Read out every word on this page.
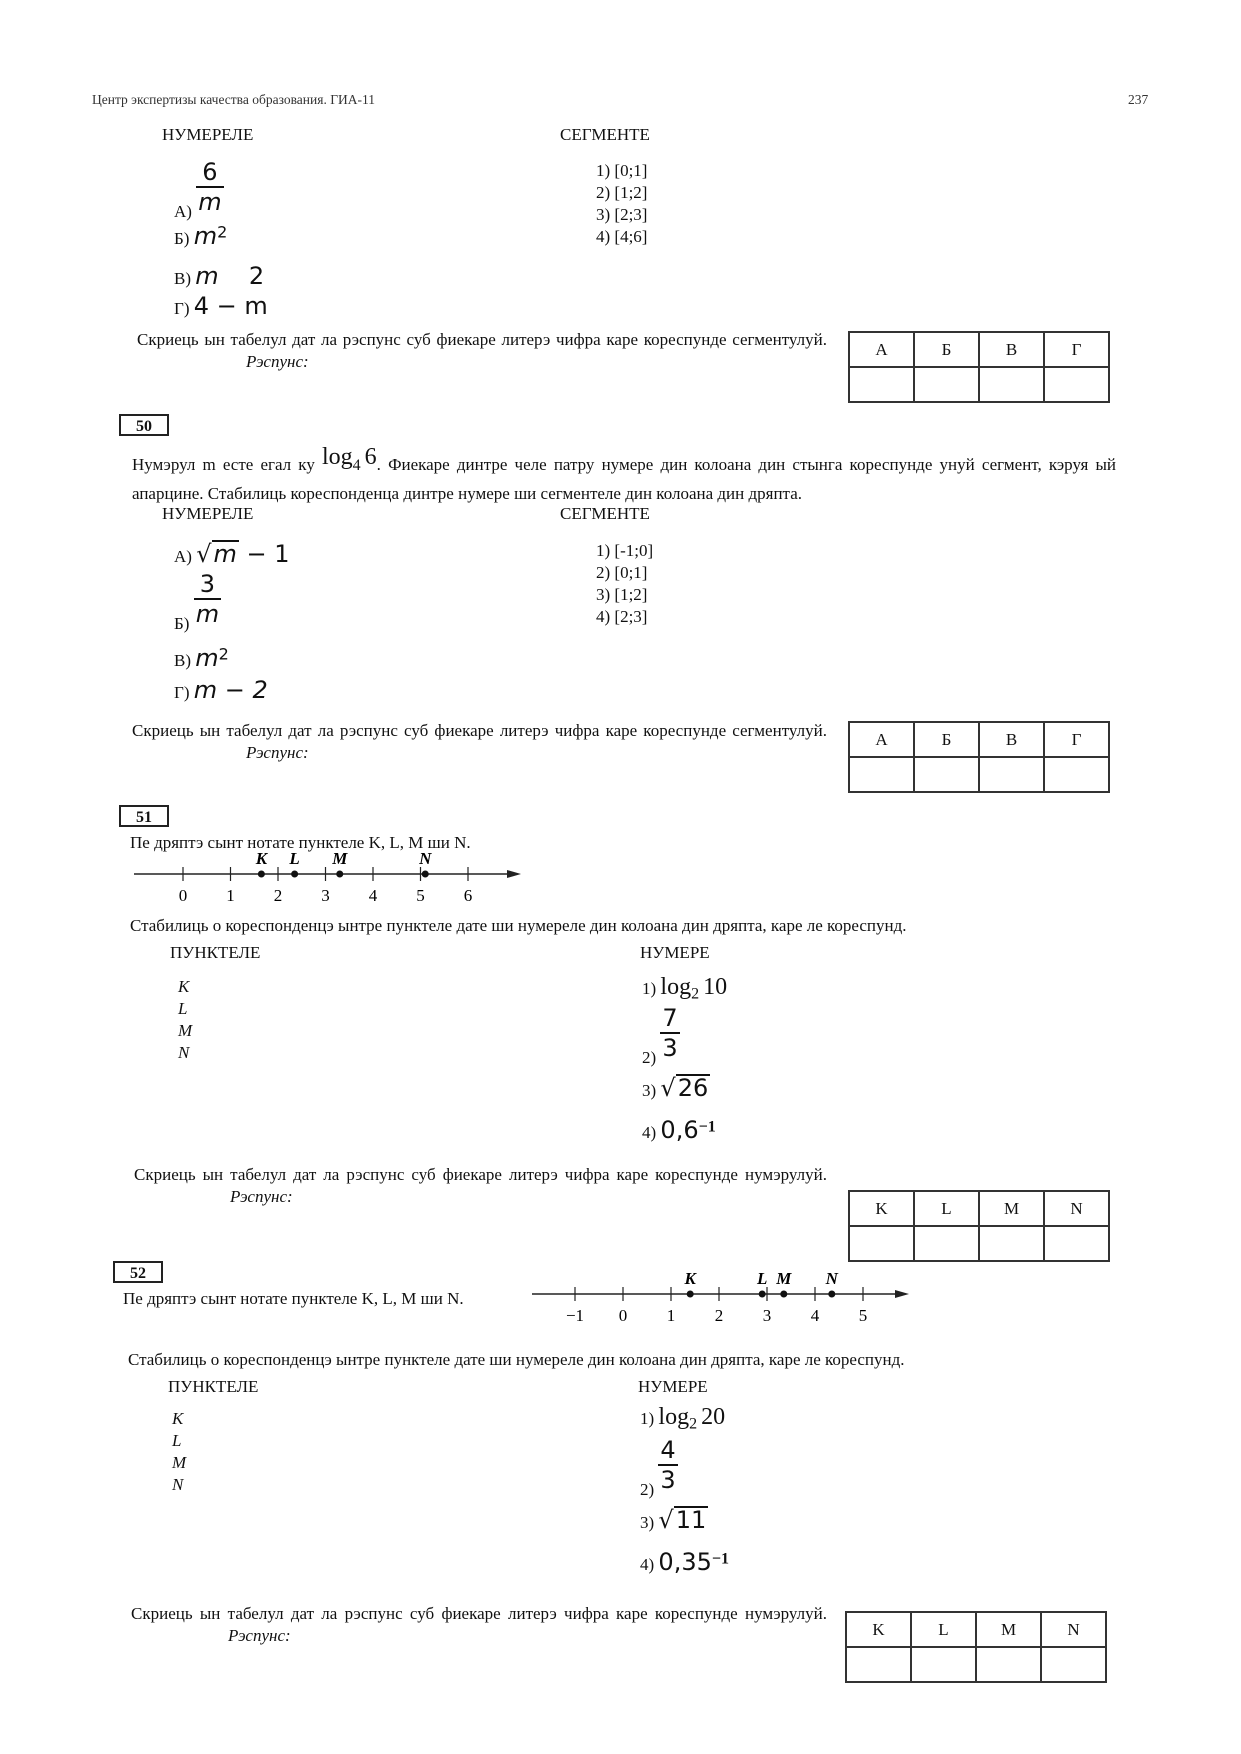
Центр экспертизы качества образования. ГИА-11	237
НУМЕРЕЛЕ	СЕГМЕНТЕ
$А) \frac{6}{m}$
Б) $m^2$
В) m 2
Г) 4 − m
1) [0;1]
2) [1;2]
3) [2;3]
4) [4;6]
Скриець ын табелул дат ла рэспунс суб фиекаре литерэ чифра каре кореспунде сегментулуй.
Рэспунс:
А	Б	В	Г

50
Нумэрул m есте егал ку $\log_4 6$. Фиекаре динтре челе патру нумере дин колоана дин стынга кореспунде унуй сегмент, кэруя ый апарцине. Стабилиць кореспонденца динтре нумере ши сегментеле дин колоана дин дряпта.
НУМЕРЕЛЕ	СЕГМЕНТЕ
А) √m − 1
$Б) \frac{3}{m}$
В) $m^2$
Г) m − 2
1) [-1;0]
2) [0;1]
3) [1;2]
4) [2;3]
Скриець ын табелул дат ла рэспунс суб фиекаре литерэ чифра каре кореспунде сегментулуй.
Рэспунс:
А	Б	В	Г

51
Пе дряптэ сынт нотате пунктеле K, L, M ши N.
0 1 2 3 4 5 6
K L M	N
Стабилиць о кореспонденцэ ынтре пунктеле дате ши нумереле дин колоана дин дряпта, каре ле кореспунд.
ПУНКТЕЛЕ	НУМЕРЕ
K
L
M
N
1) $\log_2 10$
$2) \frac{7}{3}$
3) √26
4) $0,6^{-1}$
Скриець ын табелул дат ла рэспунс суб фиекаре литерэ чифра каре кореспунде нумэрулуй.
Рэспунс:
K	L	M	N

52
Пе дряптэ сынт нотате пунктеле K, L, M ши N.
−1 0 1 2 3 4 5
K	L M N
Стабилиць о кореспонденцэ ынтре пунктеле дате ши нумереле дин колоана дин дряпта, каре ле кореспунд.
ПУНКТЕЛЕ	НУМЕРЕ
K
L
M
N
1) $\log_2 20$
$2) \frac{4}{3}$
3) √11
4) $0,35^{-1}$
Скриець ын табелул дат ла рэспунс суб фиекаре литерэ чифра каре кореспунде нумэрулуй.
Рэспунс:	K	L	M	N
